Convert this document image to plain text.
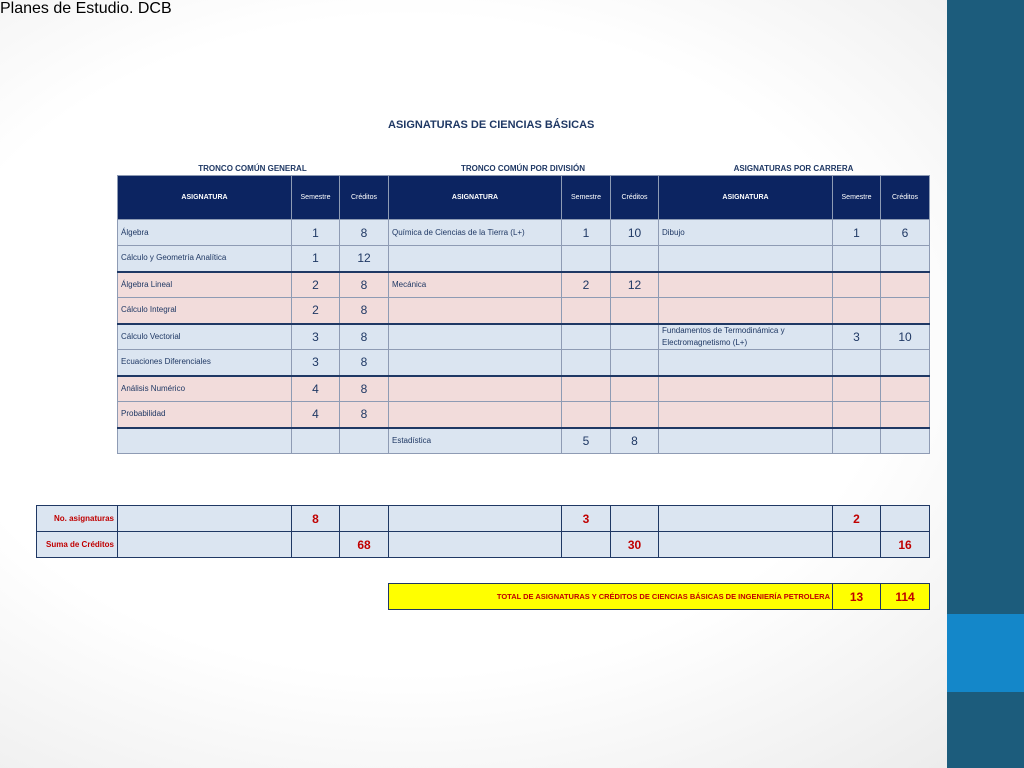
Planes de Estudio. DCB
ASIGNATURAS DE CIENCIAS BÁSICAS
TRONCO COMÚN GENERAL	TRONCO COMÚN POR DIVISIÓN	ASIGNATURAS POR CARRERA
ASIGNATURA	Semestre	Créditos	ASIGNATURA	Semestre	Créditos	ASIGNATURA	Semestre	Créditos
Álgebra	1	8	Química de Ciencias de la Tierra (L+)	1	10	Dibujo	1	6
Cálculo y Geometría Analítica	1	12						
Álgebra Lineal	2	8	Mecánica	2	12			
Cálculo Integral	2	8						
Cálculo Vectorial	3	8				Fundamentos de Termodinámica y Electromagnetismo (L+)	3	10
Ecuaciones Diferenciales	3	8						
Análisis Numérico	4	8						
Probabilidad	4	8						
			Estadística	5	8			
No. asignaturas		8			3			2	
Suma de Créditos			68			30			16
TOTAL DE ASIGNATURAS Y CRÉDITOS DE CIENCIAS BÁSICAS DE INGENIERÍA PETROLERA	13	114
